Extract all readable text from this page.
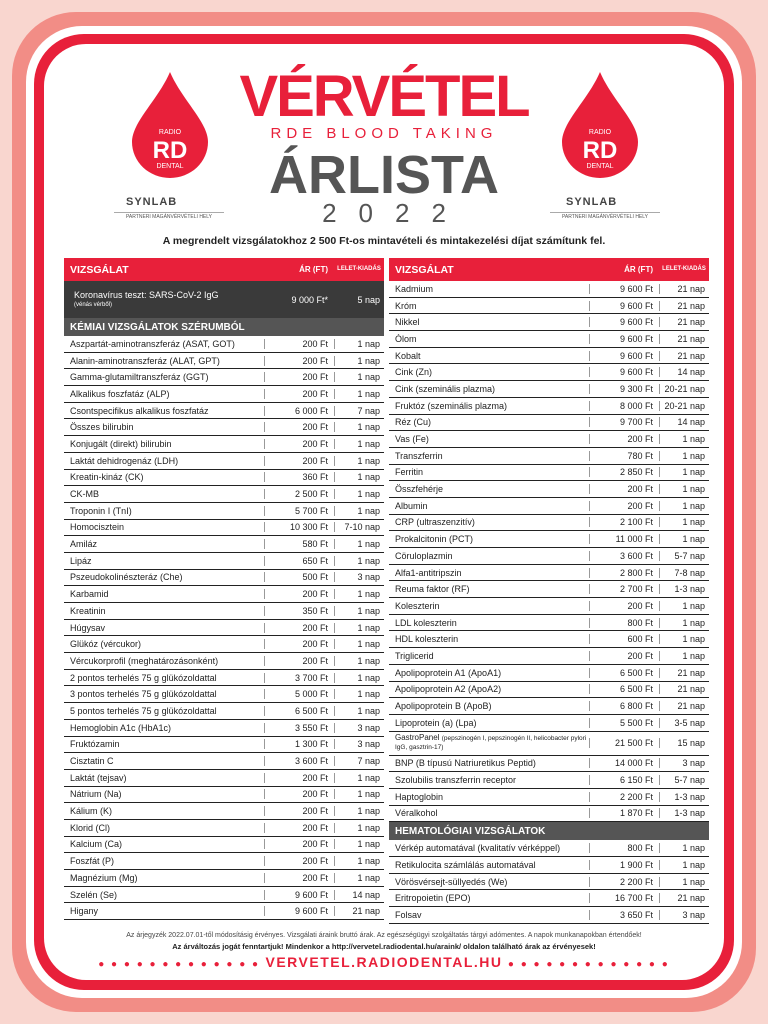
RADIO
RD
DENTAL
SYNLAB
PARTNERI MAGÁNVÉRVÉTELI HELY
RADIO
RD
DENTAL
SYNLAB
PARTNERI MAGÁNVÉRVÉTELI HELY
VÉRVÉTEL
RDE BLOOD TAKING
ÁRLISTA
2022
A megrendelt vizsgálatokhoz 2 500 Ft-os mintavételi és mintakezelési díjat számítunk fel.
VIZSGÁLAT	ÁR (FT)	LELET-KIADÁS
Koronavírus teszt: SARS-CoV-2 IgG
(vénás vérből)	9 000 Ft*	5 nap
KÉMIAI VIZSGÁLATOK SZÉRUMBÓL
Aszpartát-aminotranszferáz (ASAT, GOT)	200 Ft	1 nap
Alanin-aminotranszferáz (ALAT, GPT)	200 Ft	1 nap
Gamma-glutamiltranszferáz (GGT)	200 Ft	1 nap
Alkalikus foszfatáz (ALP)	200 Ft	1 nap
Csontspecifikus alkalikus foszfatáz	6 000 Ft	7 nap
Összes bilirubin	200 Ft	1 nap
Konjugált (direkt) bilirubin	200 Ft	1 nap
Laktát dehidrogenáz (LDH)	200 Ft	1 nap
Kreatin-kináz (CK)	360 Ft	1 nap
CK-MB	2 500 Ft	1 nap
Troponin I (TnI)	5 700 Ft	1 nap
Homocisztein	10 300 Ft	7-10 nap
Amiláz	580 Ft	1 nap
Lipáz	650 Ft	1 nap
Pszeudokolinészteráz (Che)	500 Ft	3 nap
Karbamid	200 Ft	1 nap
Kreatinin	350 Ft	1 nap
Húgysav	200 Ft	1 nap
Glükóz (vércukor)	200 Ft	1 nap
Vércukorprofil (meghatározásonként)	200 Ft	1 nap
2 pontos terhelés 75 g glükózoldattal	3 700 Ft	1 nap
3 pontos terhelés 75 g glükózoldattal	5 000 Ft	1 nap
5 pontos terhelés 75 g glükózoldattal	6 500 Ft	1 nap
Hemoglobin A1c (HbA1c)	3 550 Ft	3 nap
Fruktózamin	1 300 Ft	3 nap
Cisztatin C	3 600 Ft	7 nap
Laktát (tejsav)	200 Ft	1 nap
Nátrium (Na)	200 Ft	1 nap
Kálium (K)	200 Ft	1 nap
Klorid (Cl)	200 Ft	1 nap
Kalcium (Ca)	200 Ft	1 nap
Foszfát (P)	200 Ft	1 nap
Magnézium (Mg)	200 Ft	1 nap
Szelén (Se)	9 600 Ft	14 nap
Higany	9 600 Ft	21 nap
VIZSGÁLAT	ÁR (FT)	LELET-KIADÁS
Kadmium	9 600 Ft	21 nap
Króm	9 600 Ft	21 nap
Nikkel	9 600 Ft	21 nap
Ólom	9 600 Ft	21 nap
Kobalt	9 600 Ft	21 nap
Cink (Zn)	9 600 Ft	14 nap
Cink (szeminális plazma)	9 300 Ft	20-21 nap
Fruktóz (szeminális plazma)	8 000 Ft	20-21 nap
Réz (Cu)	9 700 Ft	14 nap
Vas (Fe)	200 Ft	1 nap
Transzferrin	780 Ft	1 nap
Ferritin	2 850 Ft	1 nap
Összfehérje	200 Ft	1 nap
Albumin	200 Ft	1 nap
CRP (ultraszenzitív)	2 100 Ft	1 nap
Prokalcitonin (PCT)	11 000 Ft	1 nap
Cöruloplazmin	3 600 Ft	5-7 nap
Alfa1-antitripszin	2 800 Ft	7-8 nap
Reuma faktor (RF)	2 700 Ft	1-3 nap
Koleszterin	200 Ft	1 nap
LDL koleszterin	800 Ft	1 nap
HDL koleszterin	600 Ft	1 nap
Triglicerid	200 Ft	1 nap
Apolipoprotein A1 (ApoA1)	6 500 Ft	21 nap
Apolipoprotein A2 (ApoA2)	6 500 Ft	21 nap
Apolipoprotein B (ApoB)	6 800 Ft	21 nap
Lipoprotein (a) (Lpa)	5 500 Ft	3-5 nap
GastroPanel (pepszinogén I, pepszinogén II, helicobacter pylori IgG, gasztrin-17)	21 500 Ft	15 nap
BNP (B típusú Natriuretikus Peptid)	14 000 Ft	3 nap
Szolubilis transzferrin receptor	6 150 Ft	5-7 nap
Haptoglobin	2 200 Ft	1-3 nap
Véralkohol	1 870 Ft	1-3 nap
HEMATOLÓGIAI VIZSGÁLATOK
Vérkép automatával (kvalitatív vérképpel)	800 Ft	1 nap
Retikulocita számlálás automatával	1 900 Ft	1 nap
Vörösvérsejt-süllyedés (We)	2 200 Ft	1 nap
Eritropoietin (EPO)	16 700 Ft	21 nap
Folsav	3 650 Ft	3 nap
Az árjegyzék 2022.07.01-től módosításig érvényes. Vizsgálati áraink bruttó árak. Az egészségügyi szolgáltatás tárgyi adómentes. A napok munkanapokban értendőek!
Az árváltozás jogát fenntartjuk! Mindenkor a http://vervetel.radiodental.hu/araink/ oldalon található árak az érvényesek!
● ● ● ● ● ● ● ● ● ● ● ● ● VERVETEL.RADIODENTAL.HU ● ● ● ● ● ● ● ● ● ● ● ● ●
